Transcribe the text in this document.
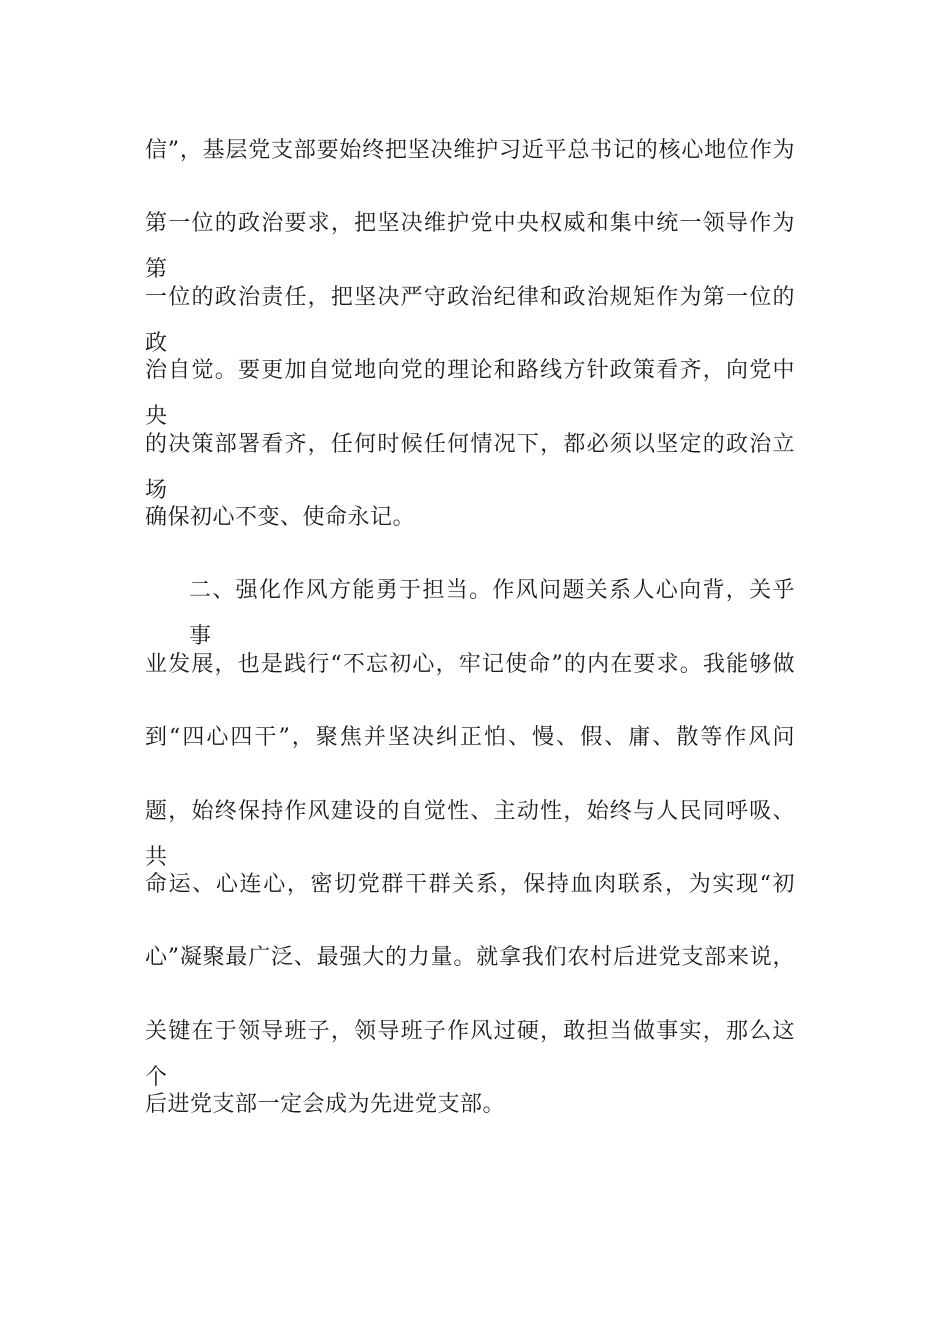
信”，基层党支部要始终把坚决维护习近平总书记的核心地位作为
第一位的政治要求，把坚决维护党中央权威和集中统一领导作为第
一位的政治责任，把坚决严守政治纪律和政治规矩作为第一位的政
治自觉。要更加自觉地向党的理论和路线方针政策看齐，向党中央
的决策部署看齐，任何时候任何情况下，都必须以坚定的政治立场
确保初心不变、使命永记。
二、强化作风方能勇于担当。作风问题关系人心向背，关乎事
业发展，也是践行“不忘初心，牢记使命”的内在要求。我能够做
到“四心四干”，聚焦并坚决纠正怕、慢、假、庸、散等作风问
题，始终保持作风建设的自觉性、主动性，始终与人民同呼吸、共
命运、心连心，密切党群干群关系，保持血肉联系，为实现“初
心”凝聚最广泛、最强大的力量。就拿我们农村后进党支部来说，
关键在于领导班子，领导班子作风过硬，敢担当做事实，那么这个
后进党支部一定会成为先进党支部。
